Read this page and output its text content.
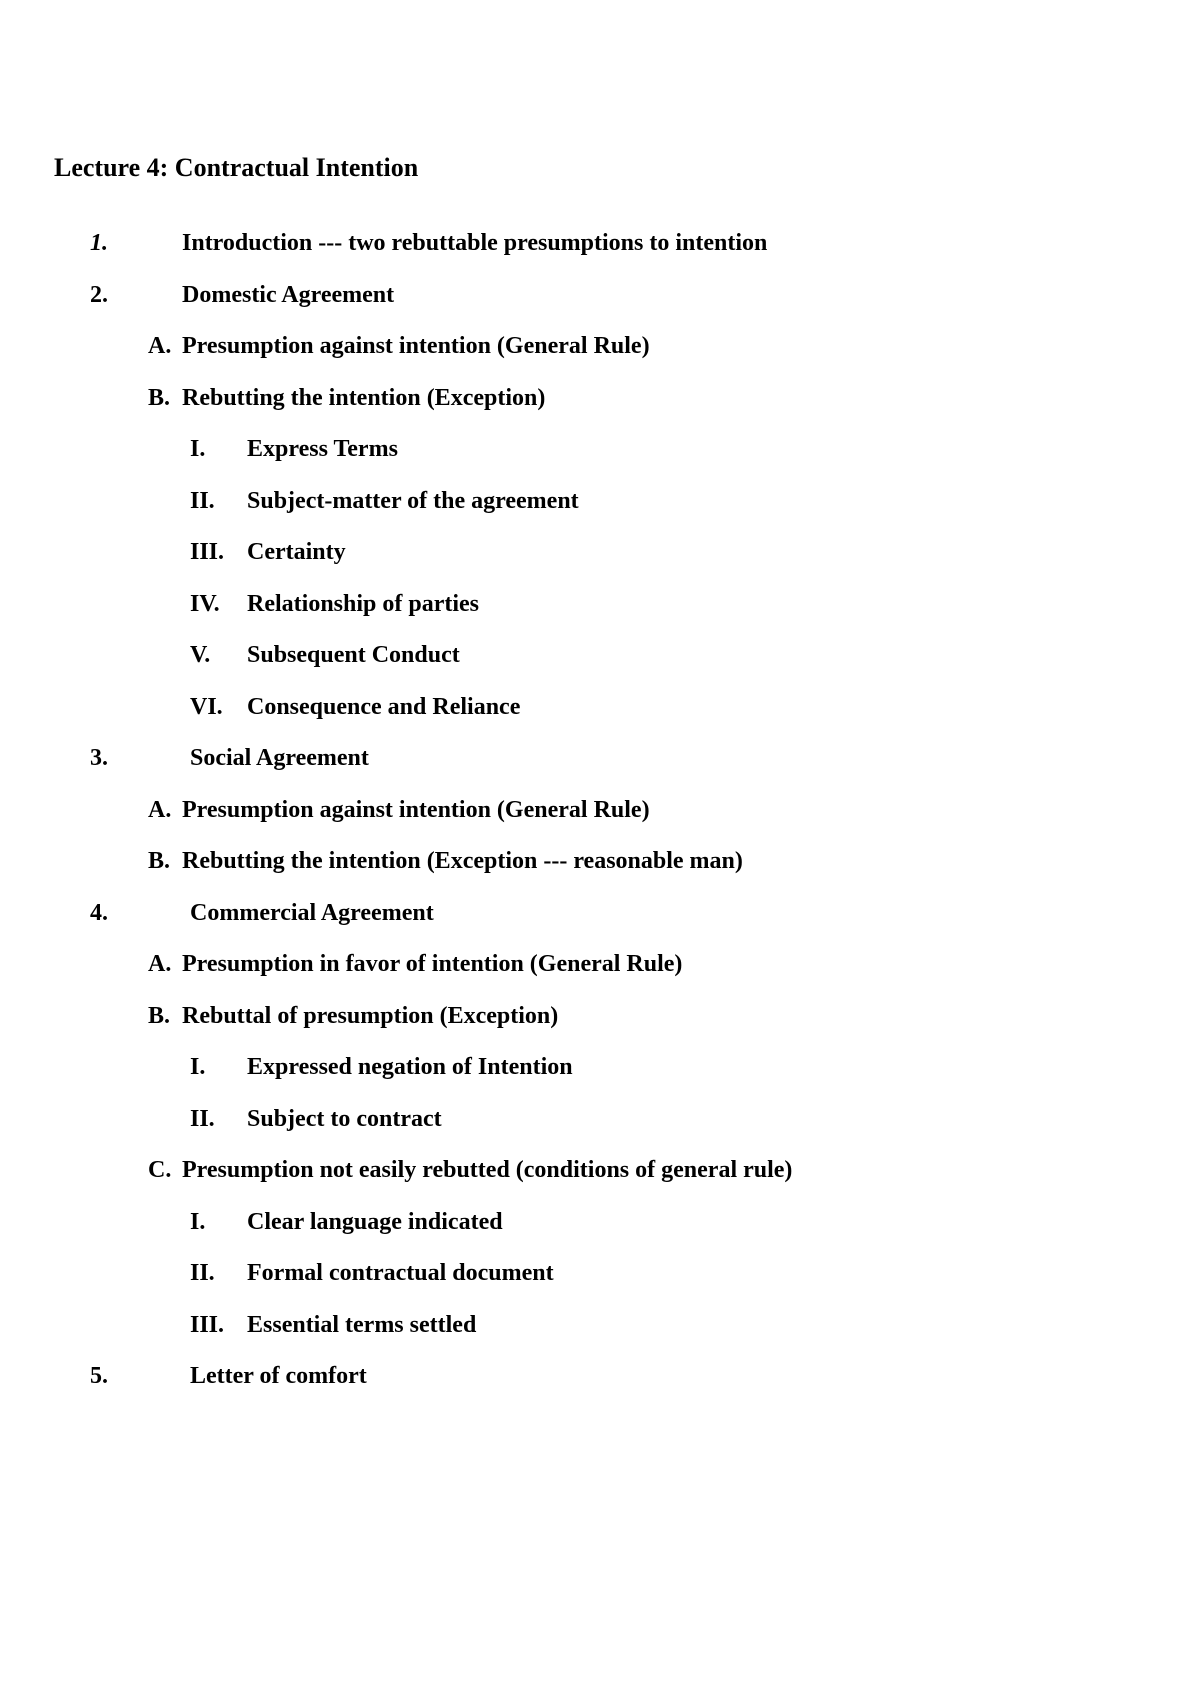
Lecture 4: Contractual Intention
1.	Introduction --- two rebuttable presumptions to intention
2.	Domestic Agreement
A. Presumption against intention (General Rule)
B. Rebutting the intention (Exception)
I. Express Terms
II. Subject-matter of the agreement
III. Certainty
IV. Relationship of parties
V. Subsequent Conduct
VI. Consequence and Reliance
3.	Social Agreement
A. Presumption against intention (General Rule)
B. Rebutting the intention (Exception --- reasonable man)
4.	Commercial Agreement
A. Presumption in favor of intention (General Rule)
B. Rebuttal of presumption (Exception)
I. Expressed negation of Intention
II. Subject to contract
C. Presumption not easily rebutted (conditions of general rule)
I. Clear language indicated
II. Formal contractual document
III. Essential terms settled
5.	Letter of comfort
